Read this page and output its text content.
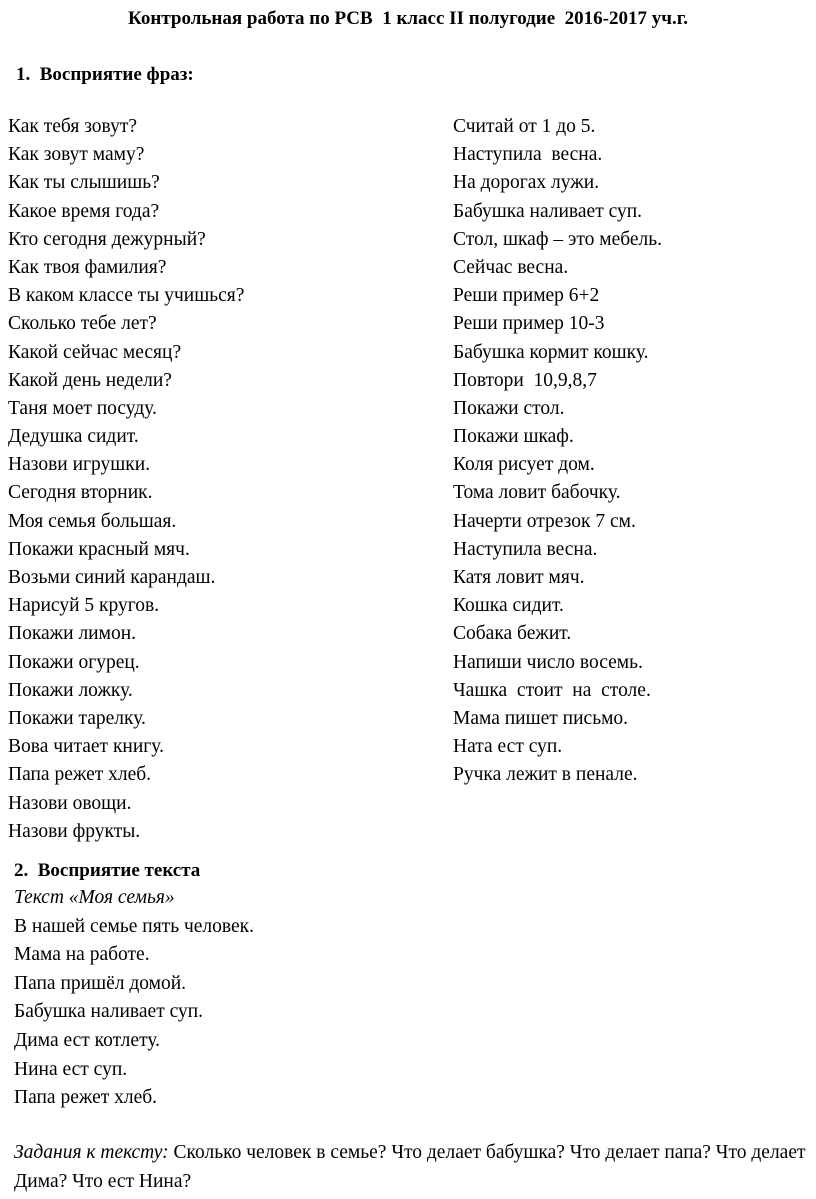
Контрольная работа по РСВ  1 класс II полугодие  2016-2017 уч.г.
1.  Восприятие фраз:
Как тебя зовут?
Как зовут маму?
Как ты слышишь?
Какое время года?
Кто сегодня дежурный?
Как твоя фамилия?
В каком классе ты учишься?
Сколько тебе лет?
Какой сейчас месяц?
Какой день недели?
Таня моет посуду.
Дедушка сидит.
Назови игрушки.
Сегодня вторник.
Моя семья большая.
Покажи красный мяч.
Возьми синий карандаш.
Нарисуй 5 кругов.
Покажи лимон.
Покажи огурец.
Покажи ложку.
Покажи тарелку.
Вова читает книгу.
Папа режет хлеб.
Назови овощи.
Назови фрукты.
Считай от 1 до 5.
Наступила  весна.
На дорогах лужи.
Бабушка наливает суп.
Стол, шкаф – это мебель.
Сейчас весна.
Реши пример 6+2
Реши пример 10-3
Бабушка кормит кошку.
Повтори  10,9,8,7
Покажи стол.
Покажи шкаф.
Коля рисует дом.
Тома ловит бабочку.
Начерти отрезок 7 см.
Наступила весна.
Катя ловит мяч.
Кошка сидит.
Собака бежит.
Напиши число восемь.
Чашка  стоит  на  столе.
Мама пишет письмо.
Ната ест суп.
Ручка лежит в пенале.
2.  Восприятие текста
Текст «Моя семья»
В нашей семье пять человек.
Мама на работе.
Папа пришёл домой.
Бабушка наливает суп.
Дима ест котлету.
Нина ест суп.
Папа режет хлеб.
Задания к тексту: Сколько человек в семье? Что делает бабушка? Что делает папа? Что делает Дима? Что ест Нина?
